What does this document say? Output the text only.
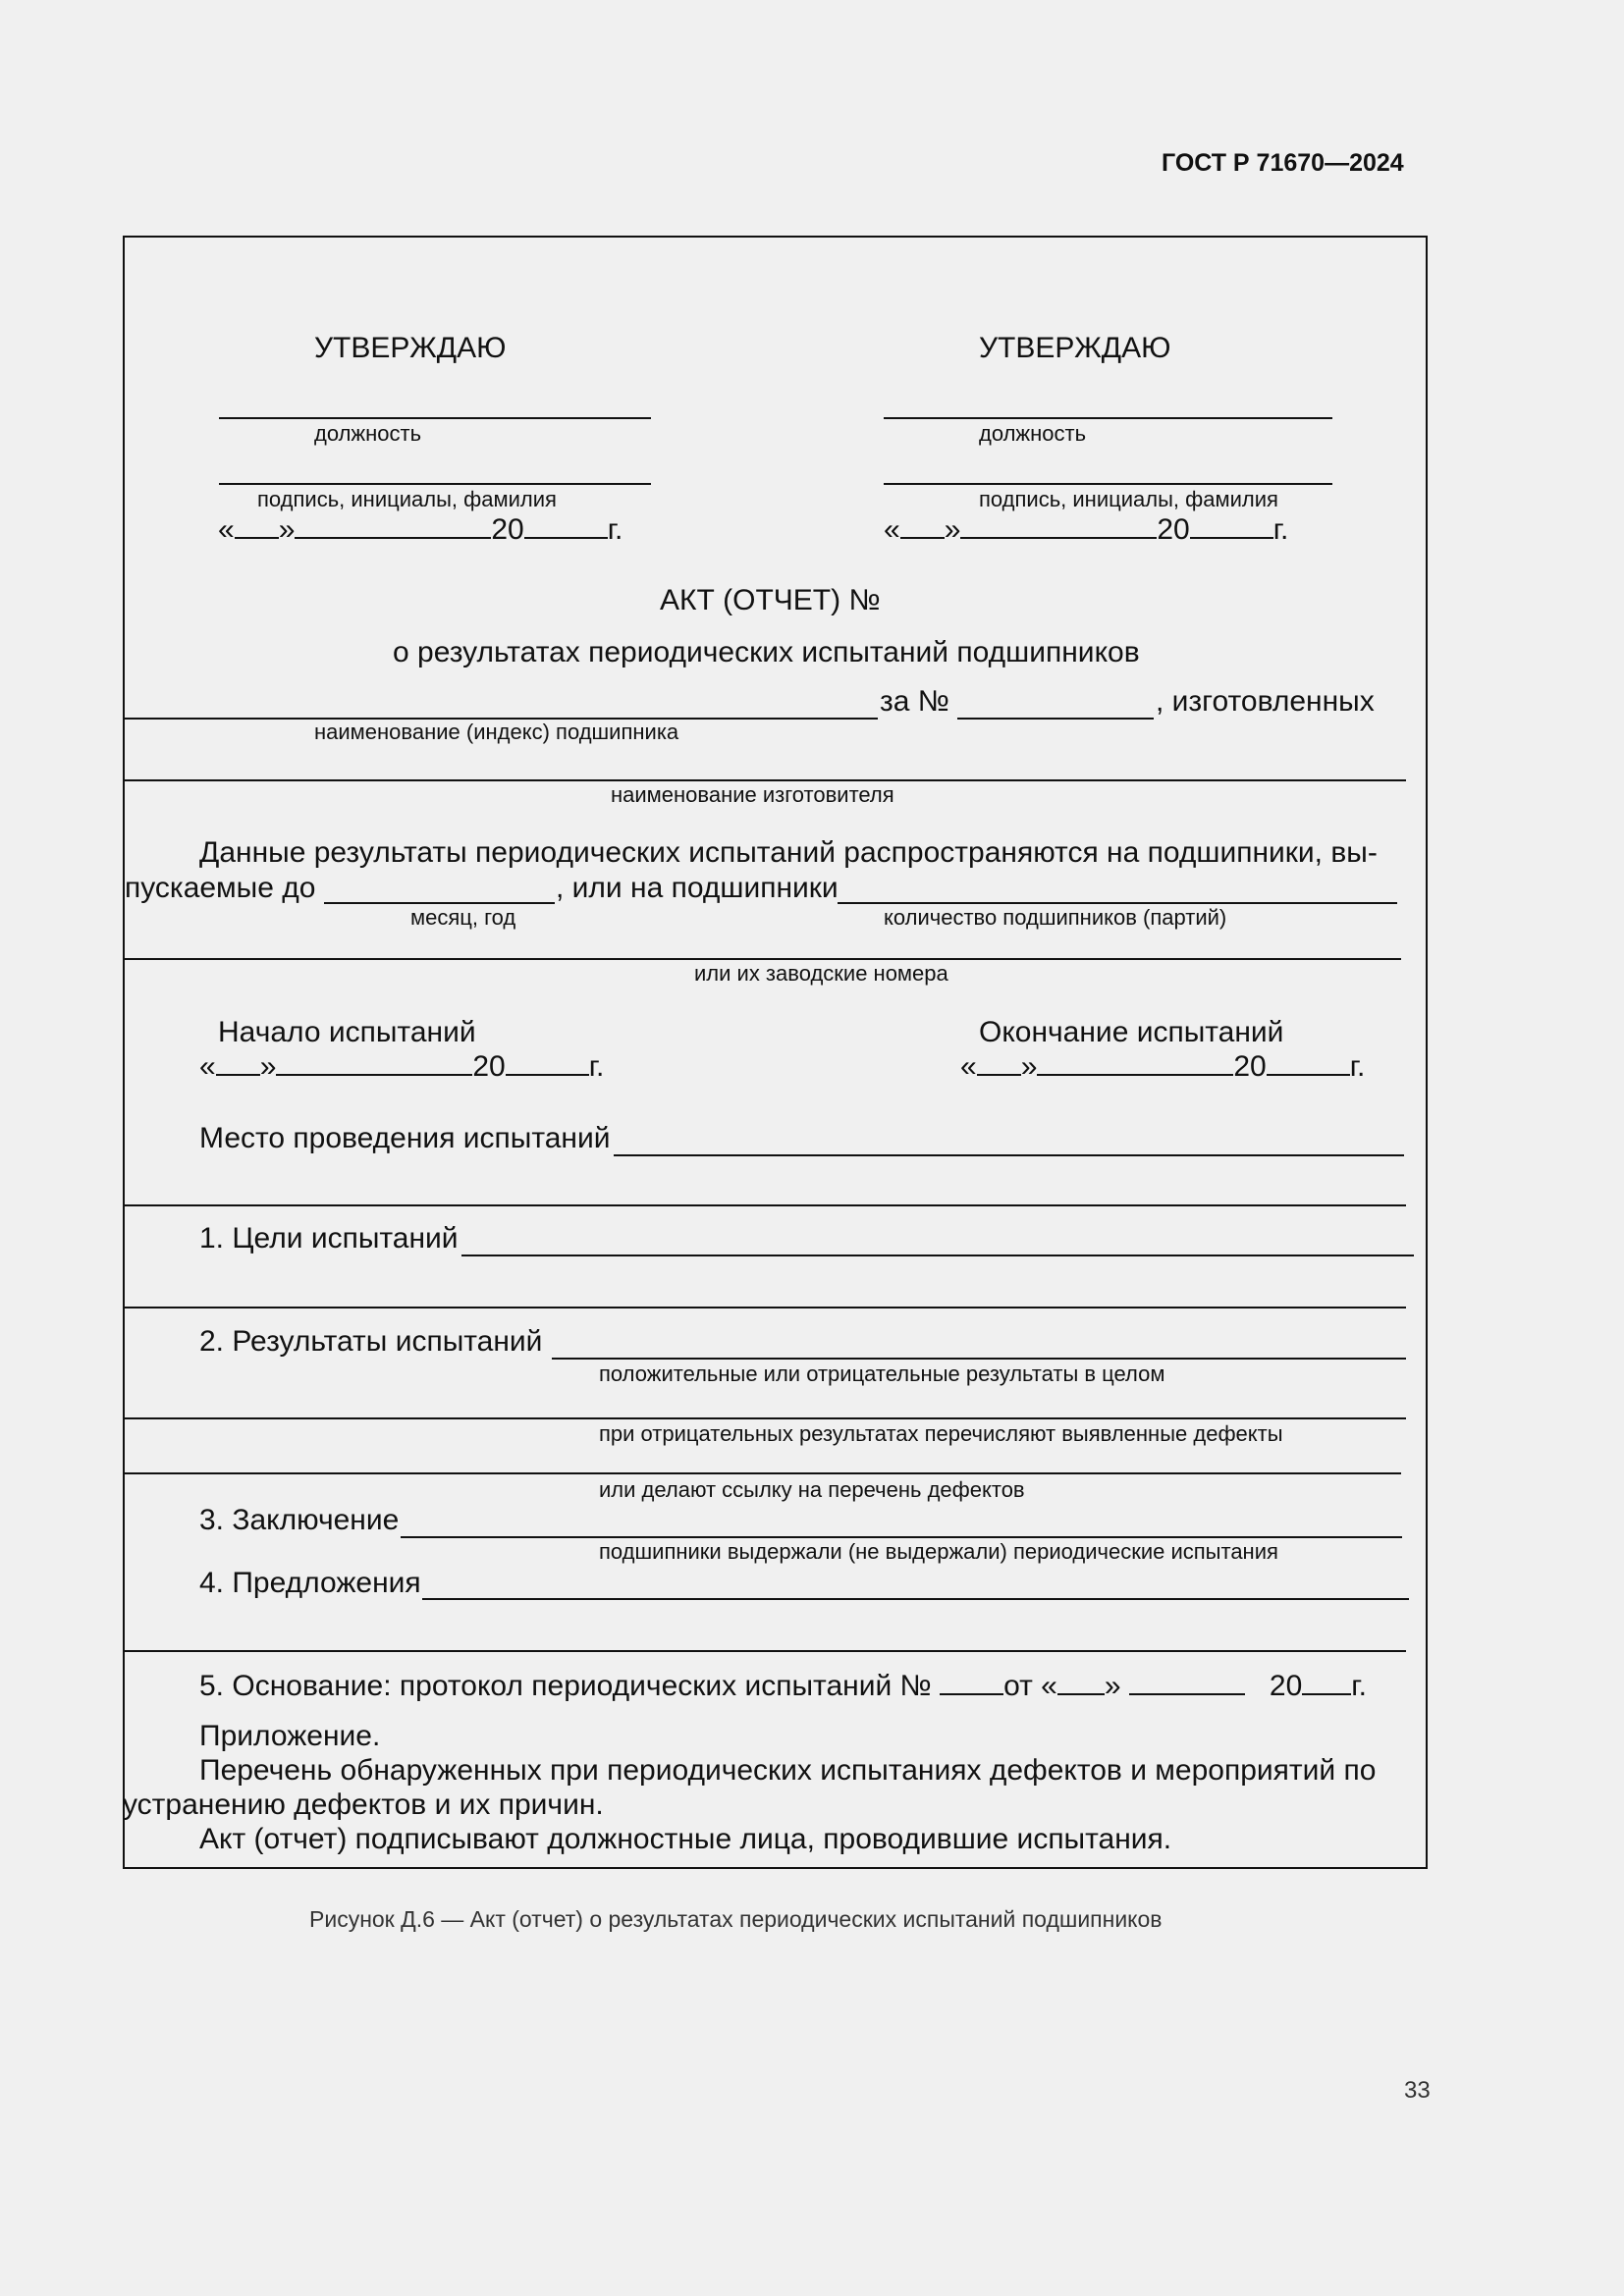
ГОСТ Р 71670—2024
УТВЕРЖДАЮ
должность
подпись, инициалы, фамилия
« »	20	г.
УТВЕРЖДАЮ
должность
подпись, инициалы, фамилия
« »	20	г.
АКТ (ОТЧЕТ) №
о результатах периодических испытаний подшипников
за №	, изготовленных
наименование (индекс) подшипника
наименование изготовителя
Данные результаты периодических испытаний распространяются на подшипники, вы-
пускаемые до	, или на подшипники
месяц, год	количество подшипников (партий)
или их заводские номера
Начало испытаний	Окончание испытаний
« »	20	г.	« »	20	г.
Место проведения испытаний
1. Цели испытаний
2. Результаты испытаний
положительные или отрицательные результаты в целом
при отрицательных результатах перечисляют выявленные дефекты
или делают ссылку на перечень дефектов
3. Заключение
подшипники выдержали (не выдержали) периодические испытания
4. Предложения
5. Основание: протокол периодических испытаний № от « »	20 г.
Приложение.
Перечень обнаруженных при периодических испытаниях дефектов и мероприятий по
устранению дефектов и их причин.
Акт (отчет) подписывают должностные лица, проводившие испытания.
Рисунок Д.6 — Акт (отчет) о результатах периодических испытаний подшипников
33
